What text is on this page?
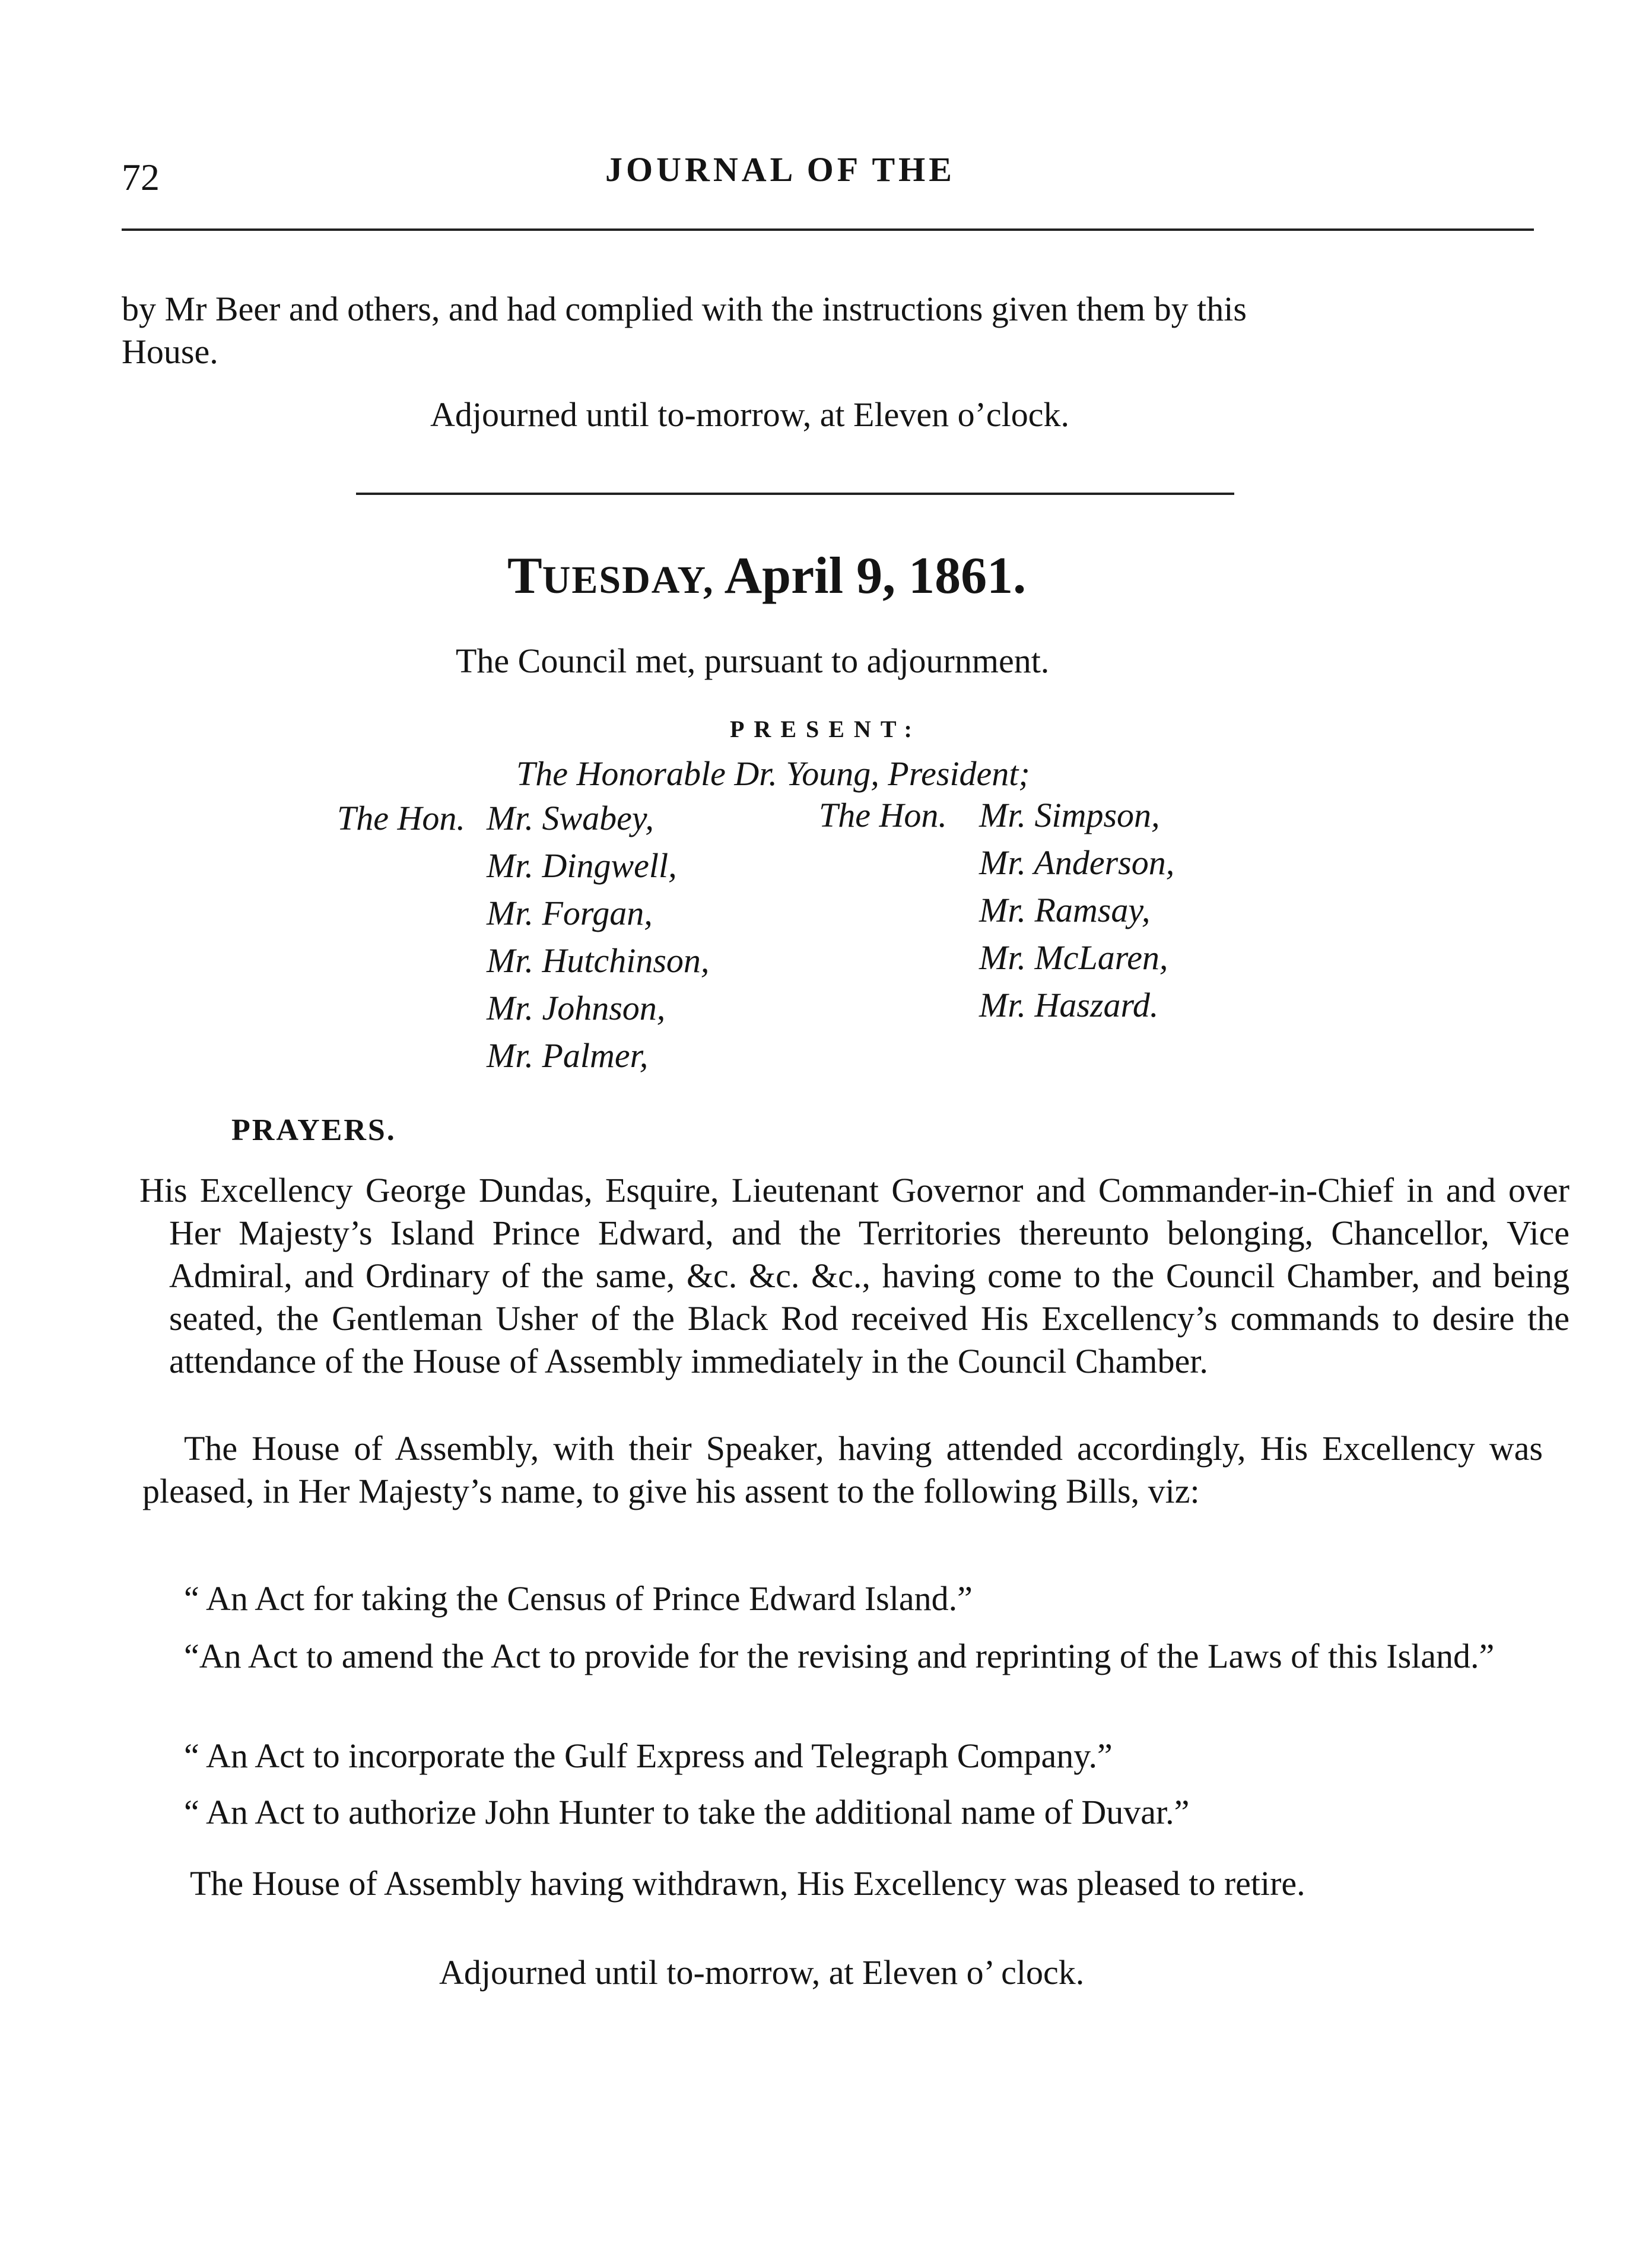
72	JOURNAL OF THE
by Mr Beer and others, and had complied with the instructions given them by this
House.
Adjourned until to-morrow, at Eleven o’clock.
TUESDAY, April 9, 1861.
The Council met, pursuant to adjournment.
PRESENT:
The Honorable Dr. Young, President;
The Hon.	The Hon.
Mr. Swabey,
Mr. Dingwell,
Mr. Forgan,
Mr. Hutchinson,
Mr. Johnson,
Mr. Palmer,
Mr. Simpson,
Mr. Anderson,
Mr. Ramsay,
Mr. McLaren,
Mr. Haszard.
PRAYERS.
His Excellency George Dundas, Esquire, Lieutenant Governor and Commander-in-Chief in and over Her Majesty’s Island Prince Edward, and the Territories thereunto belonging, Chancellor, Vice Admiral, and Ordinary of the same, &c. &c. &c., having come to the Council Chamber, and being seated, the Gentleman Usher of the Black Rod received His Excellency’s commands to desire the attendance of the House of Assembly immediately in the Council Chamber.
The House of Assembly, with their Speaker, having attended accordingly, His Excellency was pleased, in Her Majesty’s name, to give his assent to the following Bills, viz:
“ An Act for taking the Census of Prince Edward Island.”
“An Act to amend the Act to provide for the revising and reprinting of the Laws of this Island.”
“ An Act to incorporate the Gulf Express and Telegraph Company.”
“ An Act to authorize John Hunter to take the additional name of Duvar.”
The House of Assembly having withdrawn, His Excellency was pleased to retire.
Adjourned until to-morrow, at Eleven o’ clock.
